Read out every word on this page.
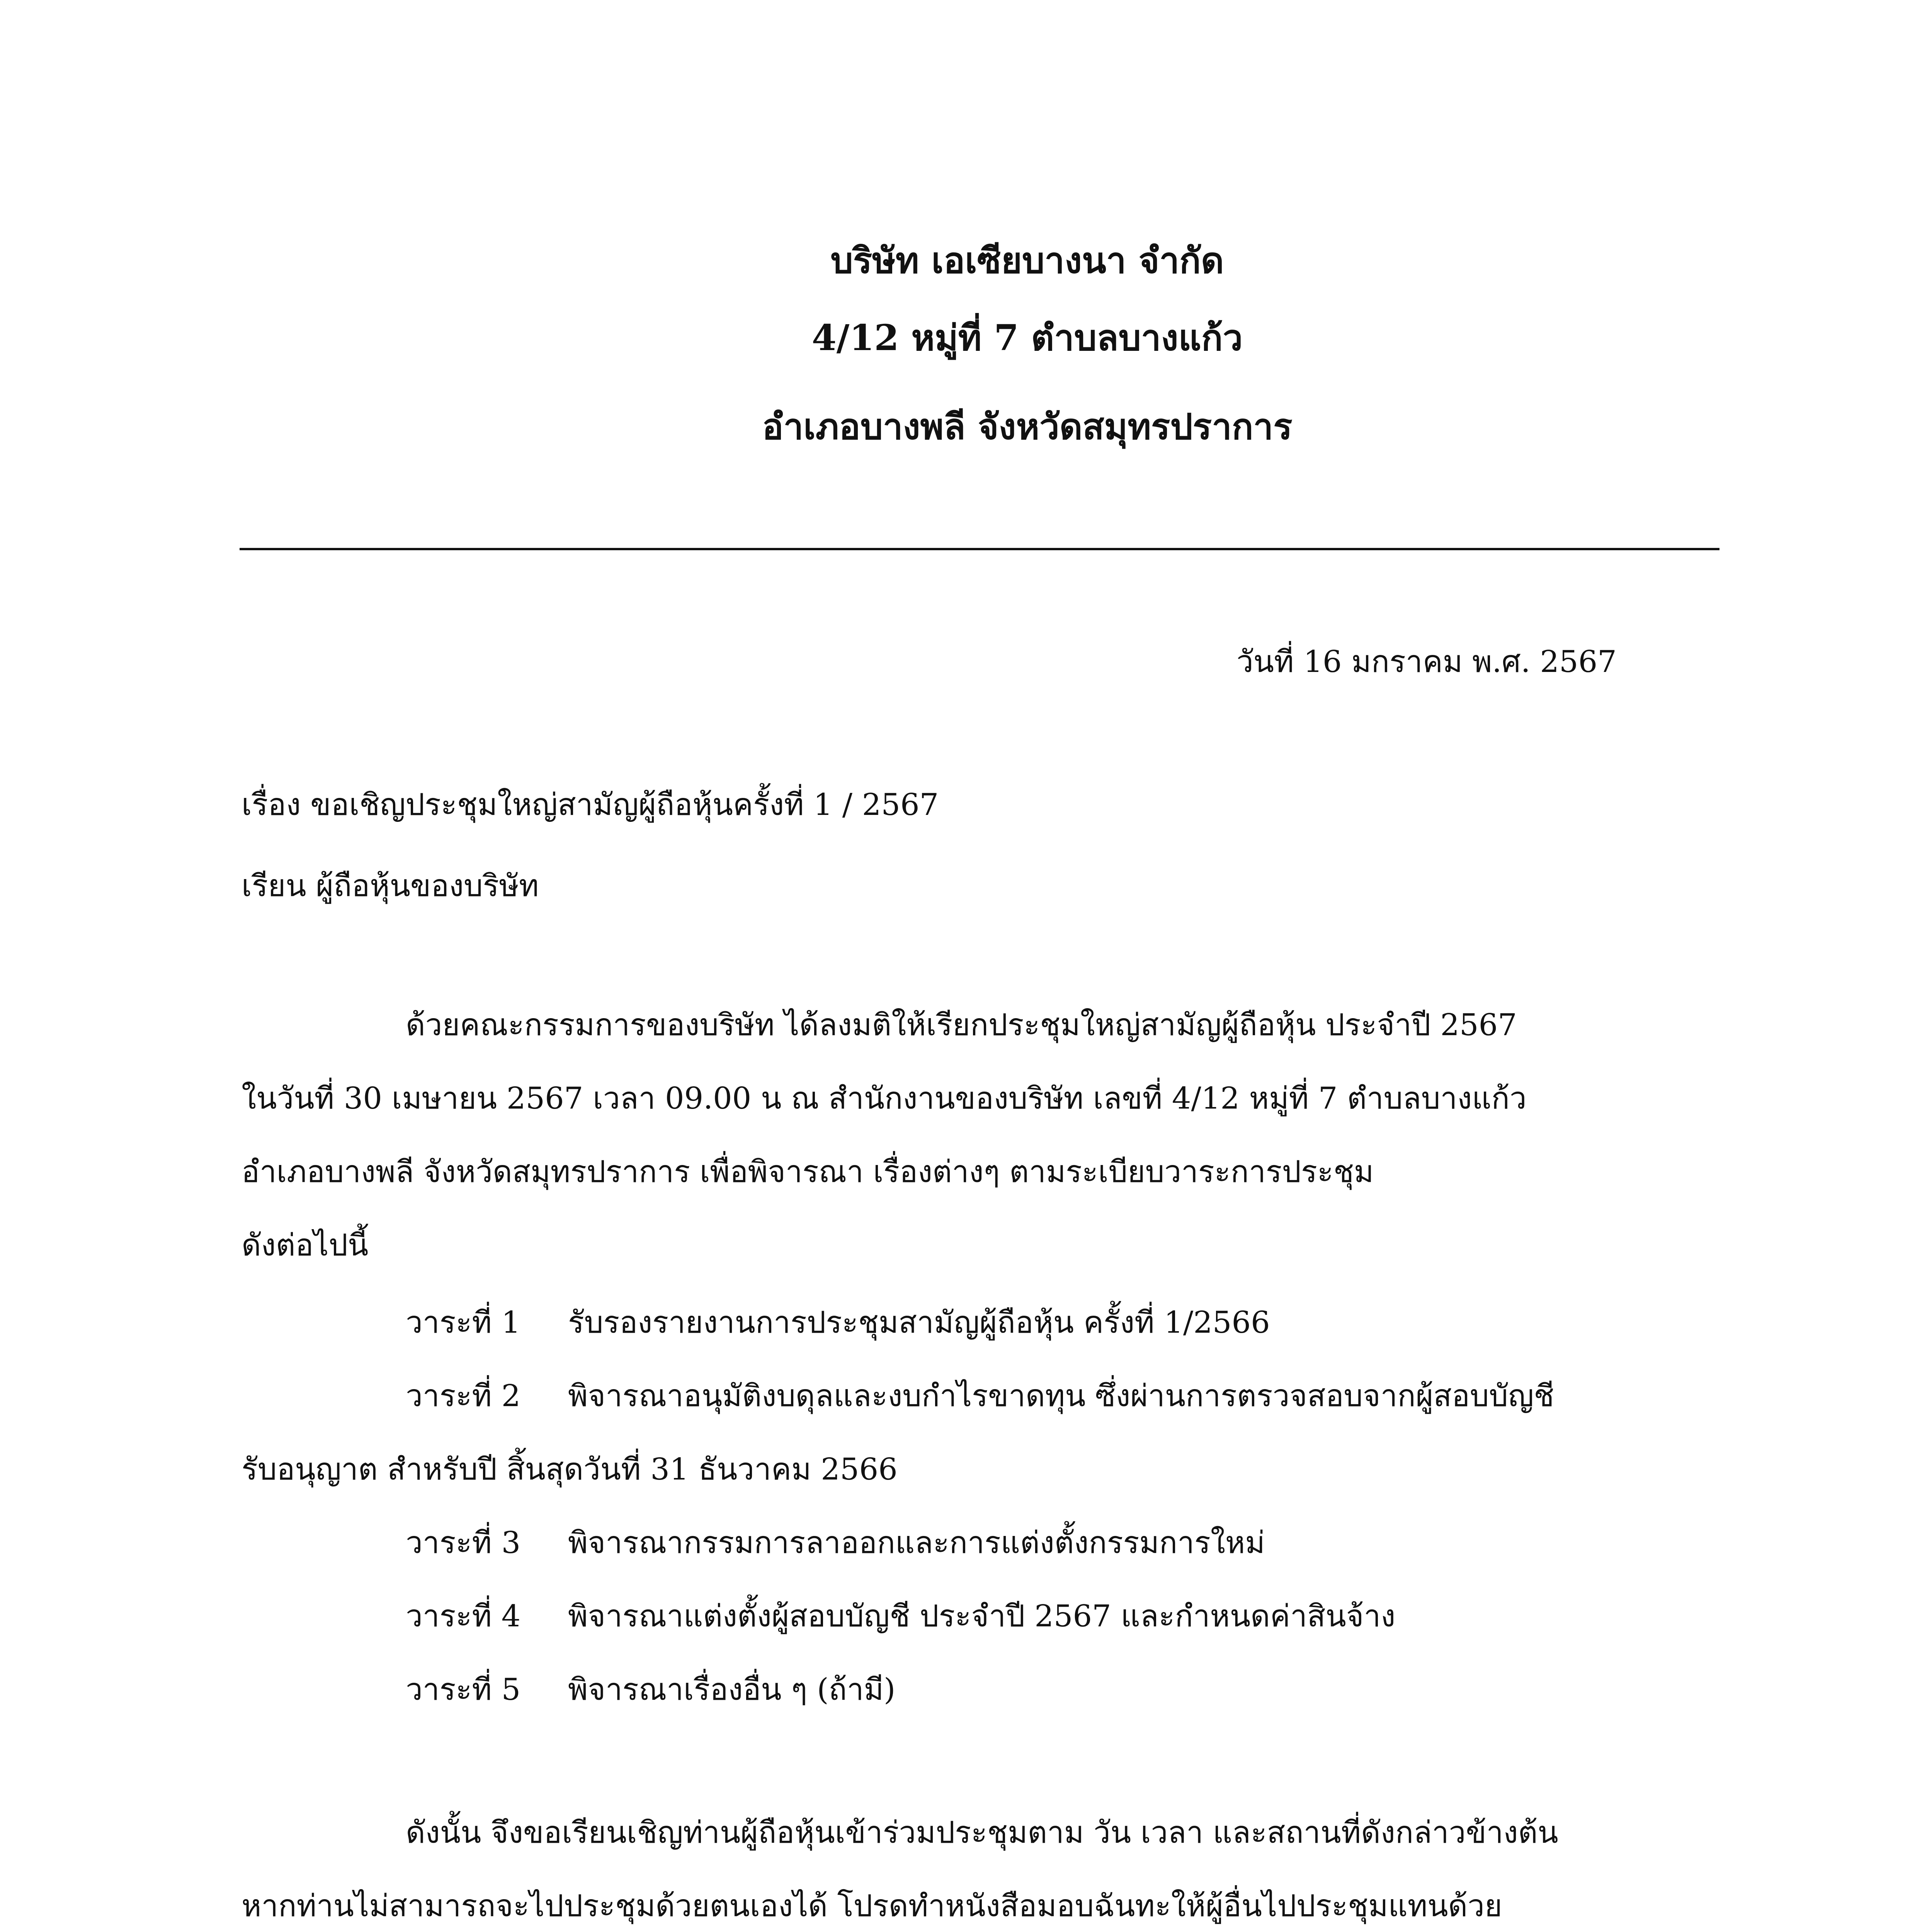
บริษัท เอเซียบางนา จำกัด
4/12 หมู่ที่ 7 ตำบลบางแก้ว
อำเภอบางพลี จังหวัดสมุทรปราการ
วันที่ 16 มกราคม พ.ศ. 2567
เรื่อง ขอเชิญประชุมใหญ่สามัญผู้ถือหุ้นครั้งที่ 1 / 2567
เรียน ผู้ถือหุ้นของบริษัท
ด้วยคณะกรรมการของบริษัท ได้ลงมติให้เรียกประชุมใหญ่สามัญผู้ถือหุ้น ประจำปี 2567
ในวันที่ 30 เมษายน 2567 เวลา 09.00 น ณ สำนักงานของบริษัท เลขที่ 4/12 หมู่ที่ 7 ตำบลบางแก้ว
อำเภอบางพลี จังหวัดสมุทรปราการ เพื่อพิจารณา เรื่องต่างๆ ตามระเบียบวาระการประชุม
ดังต่อไปนี้
วาระที่ 1 รับรองรายงานการประชุมสามัญผู้ถือหุ้น ครั้งที่ 1/2566
วาระที่ 2 พิจารณาอนุมัติงบดุลและงบกำไรขาดทุน ซึ่งผ่านการตรวจสอบจากผู้สอบบัญชี
รับอนุญาต สำหรับปี สิ้นสุดวันที่ 31 ธันวาคม 2566
วาระที่ 3 พิจารณากรรมการลาออกและการแต่งตั้งกรรมการใหม่
วาระที่ 4 พิจารณาแต่งตั้งผู้สอบบัญชี ประจำปี 2567 และกำหนดค่าสินจ้าง
วาระที่ 5 พิจารณาเรื่องอื่น ๆ (ถ้ามี)
ดังนั้น จึงขอเรียนเชิญท่านผู้ถือหุ้นเข้าร่วมประชุมตาม วัน เวลา และสถานที่ดังกล่าวข้างต้น
หากท่านไม่สามารถจะไปประชุมด้วยตนเองได้ โปรดทำหนังสือมอบฉันทะให้ผู้อื่นไปประชุมแทนด้วย
